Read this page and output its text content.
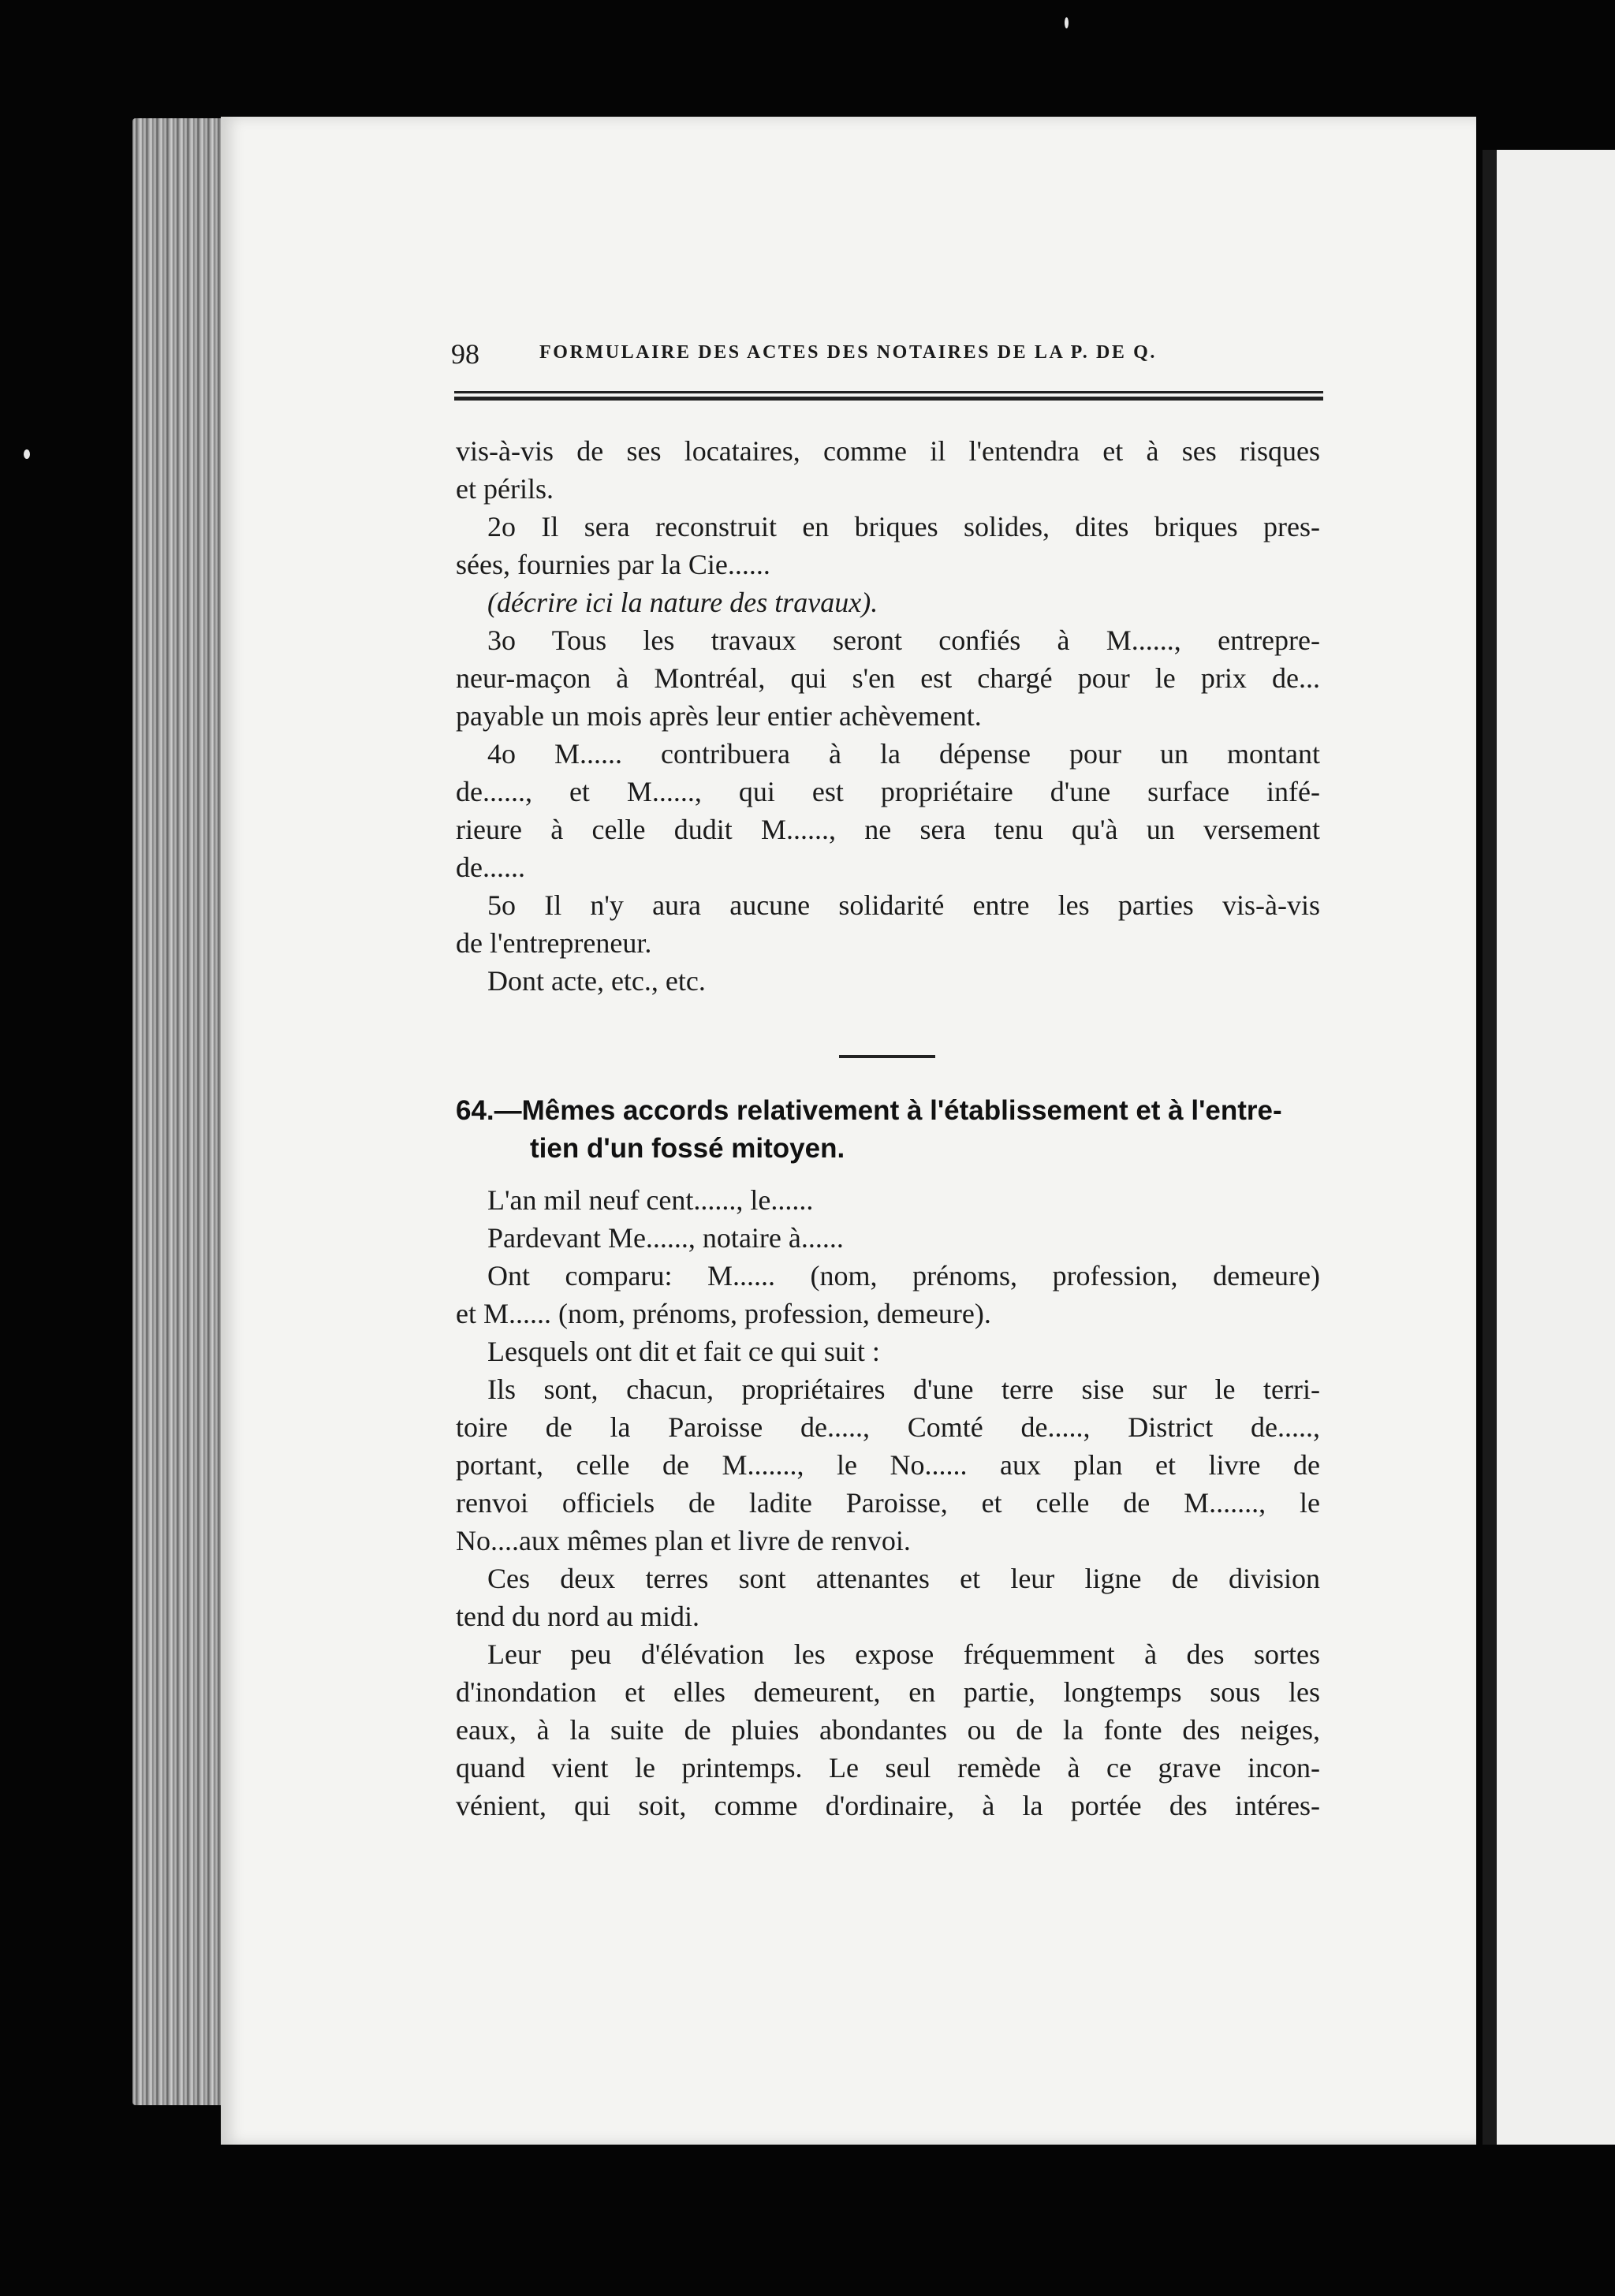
98	FORMULAIRE DES ACTES DES NOTAIRES DE LA P. DE Q.
vis-à-vis de ses locataires, comme il l'entendra et à ses risques
et périls.
2o Il sera reconstruit en briques solides, dites briques pres-
sées, fournies par la Cie......
(décrire ici la nature des travaux).
3o Tous les travaux seront confiés à M......, entrepre-
neur-maçon à Montréal, qui s'en est chargé pour le prix de...
payable un mois après leur entier achèvement.
4o M...... contribuera à la dépense pour un montant
de......, et M......, qui est propriétaire d'une surface infé-
rieure à celle dudit M......, ne sera tenu qu'à un versement
de......
5o Il n'y aura aucune solidarité entre les parties vis-à-vis
de l'entrepreneur.
Dont acte, etc., etc.
64.—Mêmes accords relativement à l'établissement et à l'entre-
tien d'un fossé mitoyen.
L'an mil neuf cent......, le......
Pardevant Me......, notaire à......
Ont comparu: M...... (nom, prénoms, profession, demeure)
et M...... (nom, prénoms, profession, demeure).
Lesquels ont dit et fait ce qui suit :
Ils sont, chacun, propriétaires d'une terre sise sur le terri-
toire de la Paroisse de....., Comté de....., District de.....,
portant, celle de M......., le No...... aux plan et livre de
renvoi officiels de ladite Paroisse, et celle de M......., le
No....aux mêmes plan et livre de renvoi.
Ces deux terres sont attenantes et leur ligne de division
tend du nord au midi.
Leur peu d'élévation les expose fréquemment à des sortes
d'inondation et elles demeurent, en partie, longtemps sous les
eaux, à la suite de pluies abondantes ou de la fonte des neiges,
quand vient le printemps. Le seul remède à ce grave incon-
vénient, qui soit, comme d'ordinaire, à la portée des intéres-
